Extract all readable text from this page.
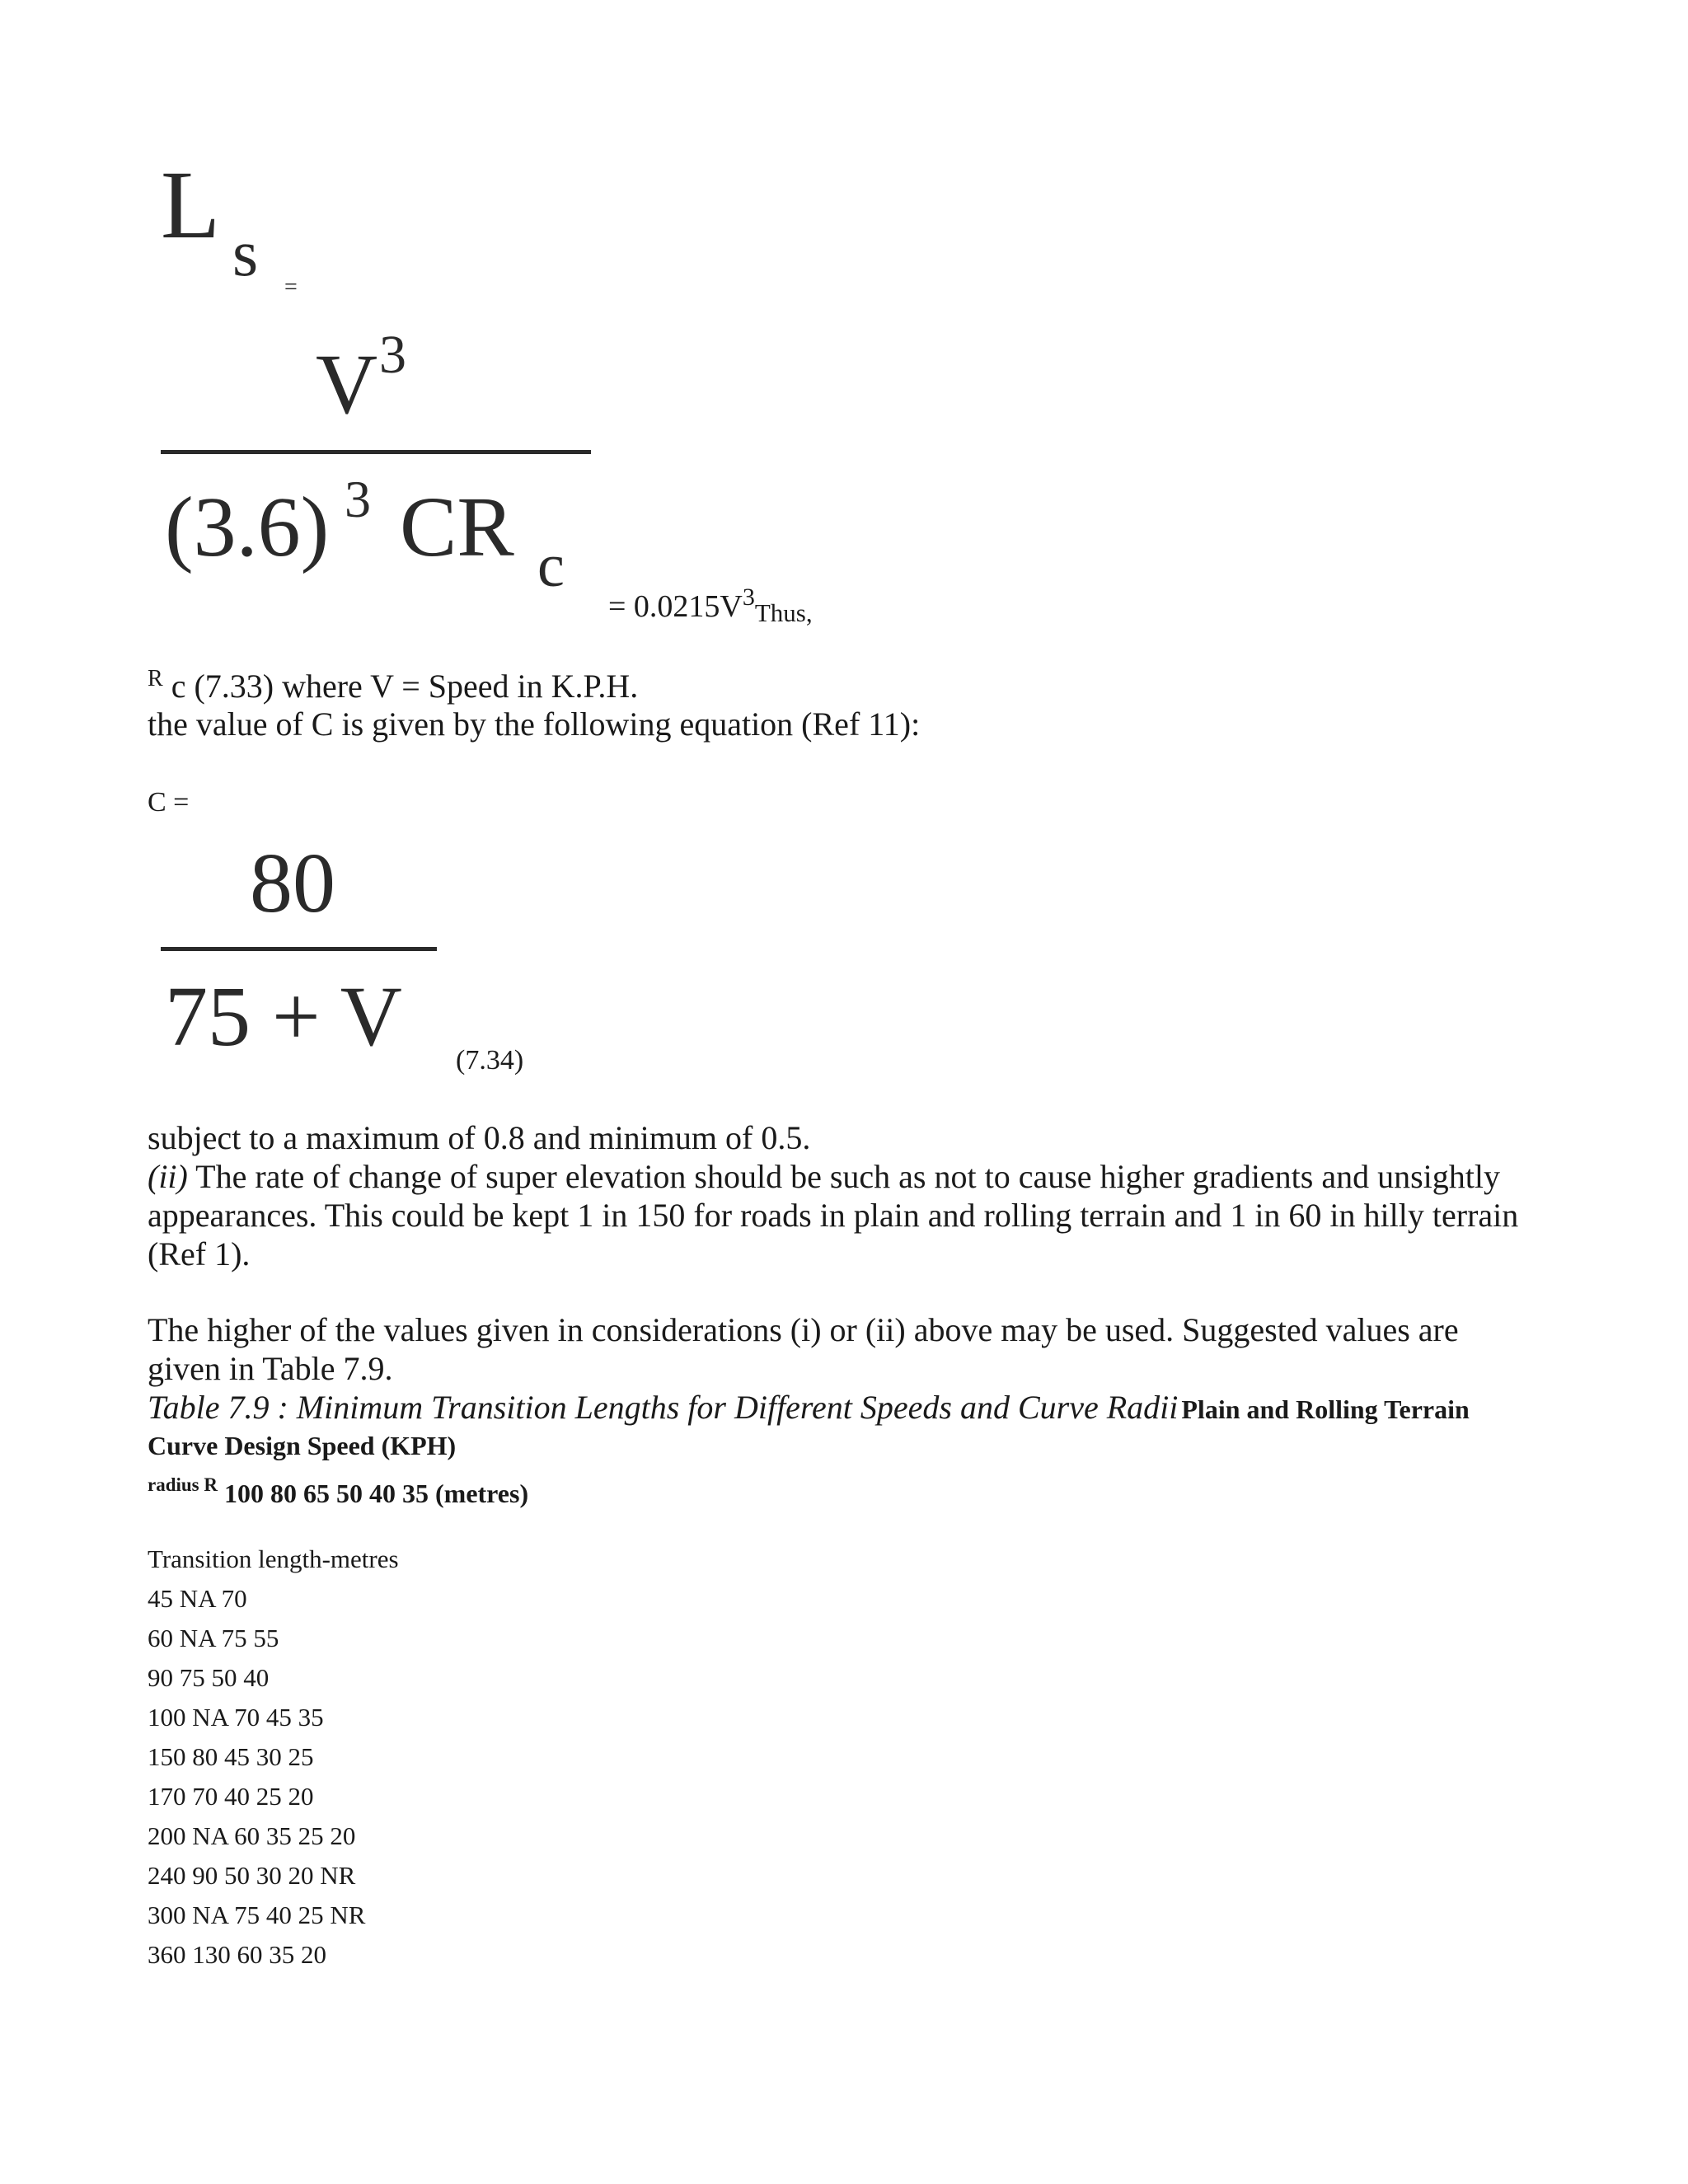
L s =
V 3
(3.6) 3 CR c
= $0.0215V^3Thus$,
$^R$ c (7.33) where V = Speed in K.P.H.
the value of C is given by the following equation (Ref 11):
C =
80
75 + V (7.34)
subject to a maximum of 0.8 and minimum of 0.5.
(ii) The rate of change of super elevation should be such as not to cause higher gradients and unsightly
appearances. This could be kept 1 in 150 for roads in plain and rolling terrain and 1 in 60 in hilly terrain
(Ref 1).
The higher of the values given in considerations (i) or (ii) above may be used. Suggested values are
given in Table 7.9.
Table 7.9 : Minimum Transition Lengths for Different Speeds and Curve Radii Plain and Rolling Terrain
Curve Design Speed (KPH)
$^{radius R}$ 100 80 65 50 40 35 (metres)
Transition length-metres
45 NA 70
60 NA 75 55
90 75 50 40
100 NA 70 45 35
150 80 45 30 25
170 70 40 25 20
200 NA 60 35 25 20
240 90 50 30 20 NR
300 NA 75 40 25 NR
360 130 60 35 20
